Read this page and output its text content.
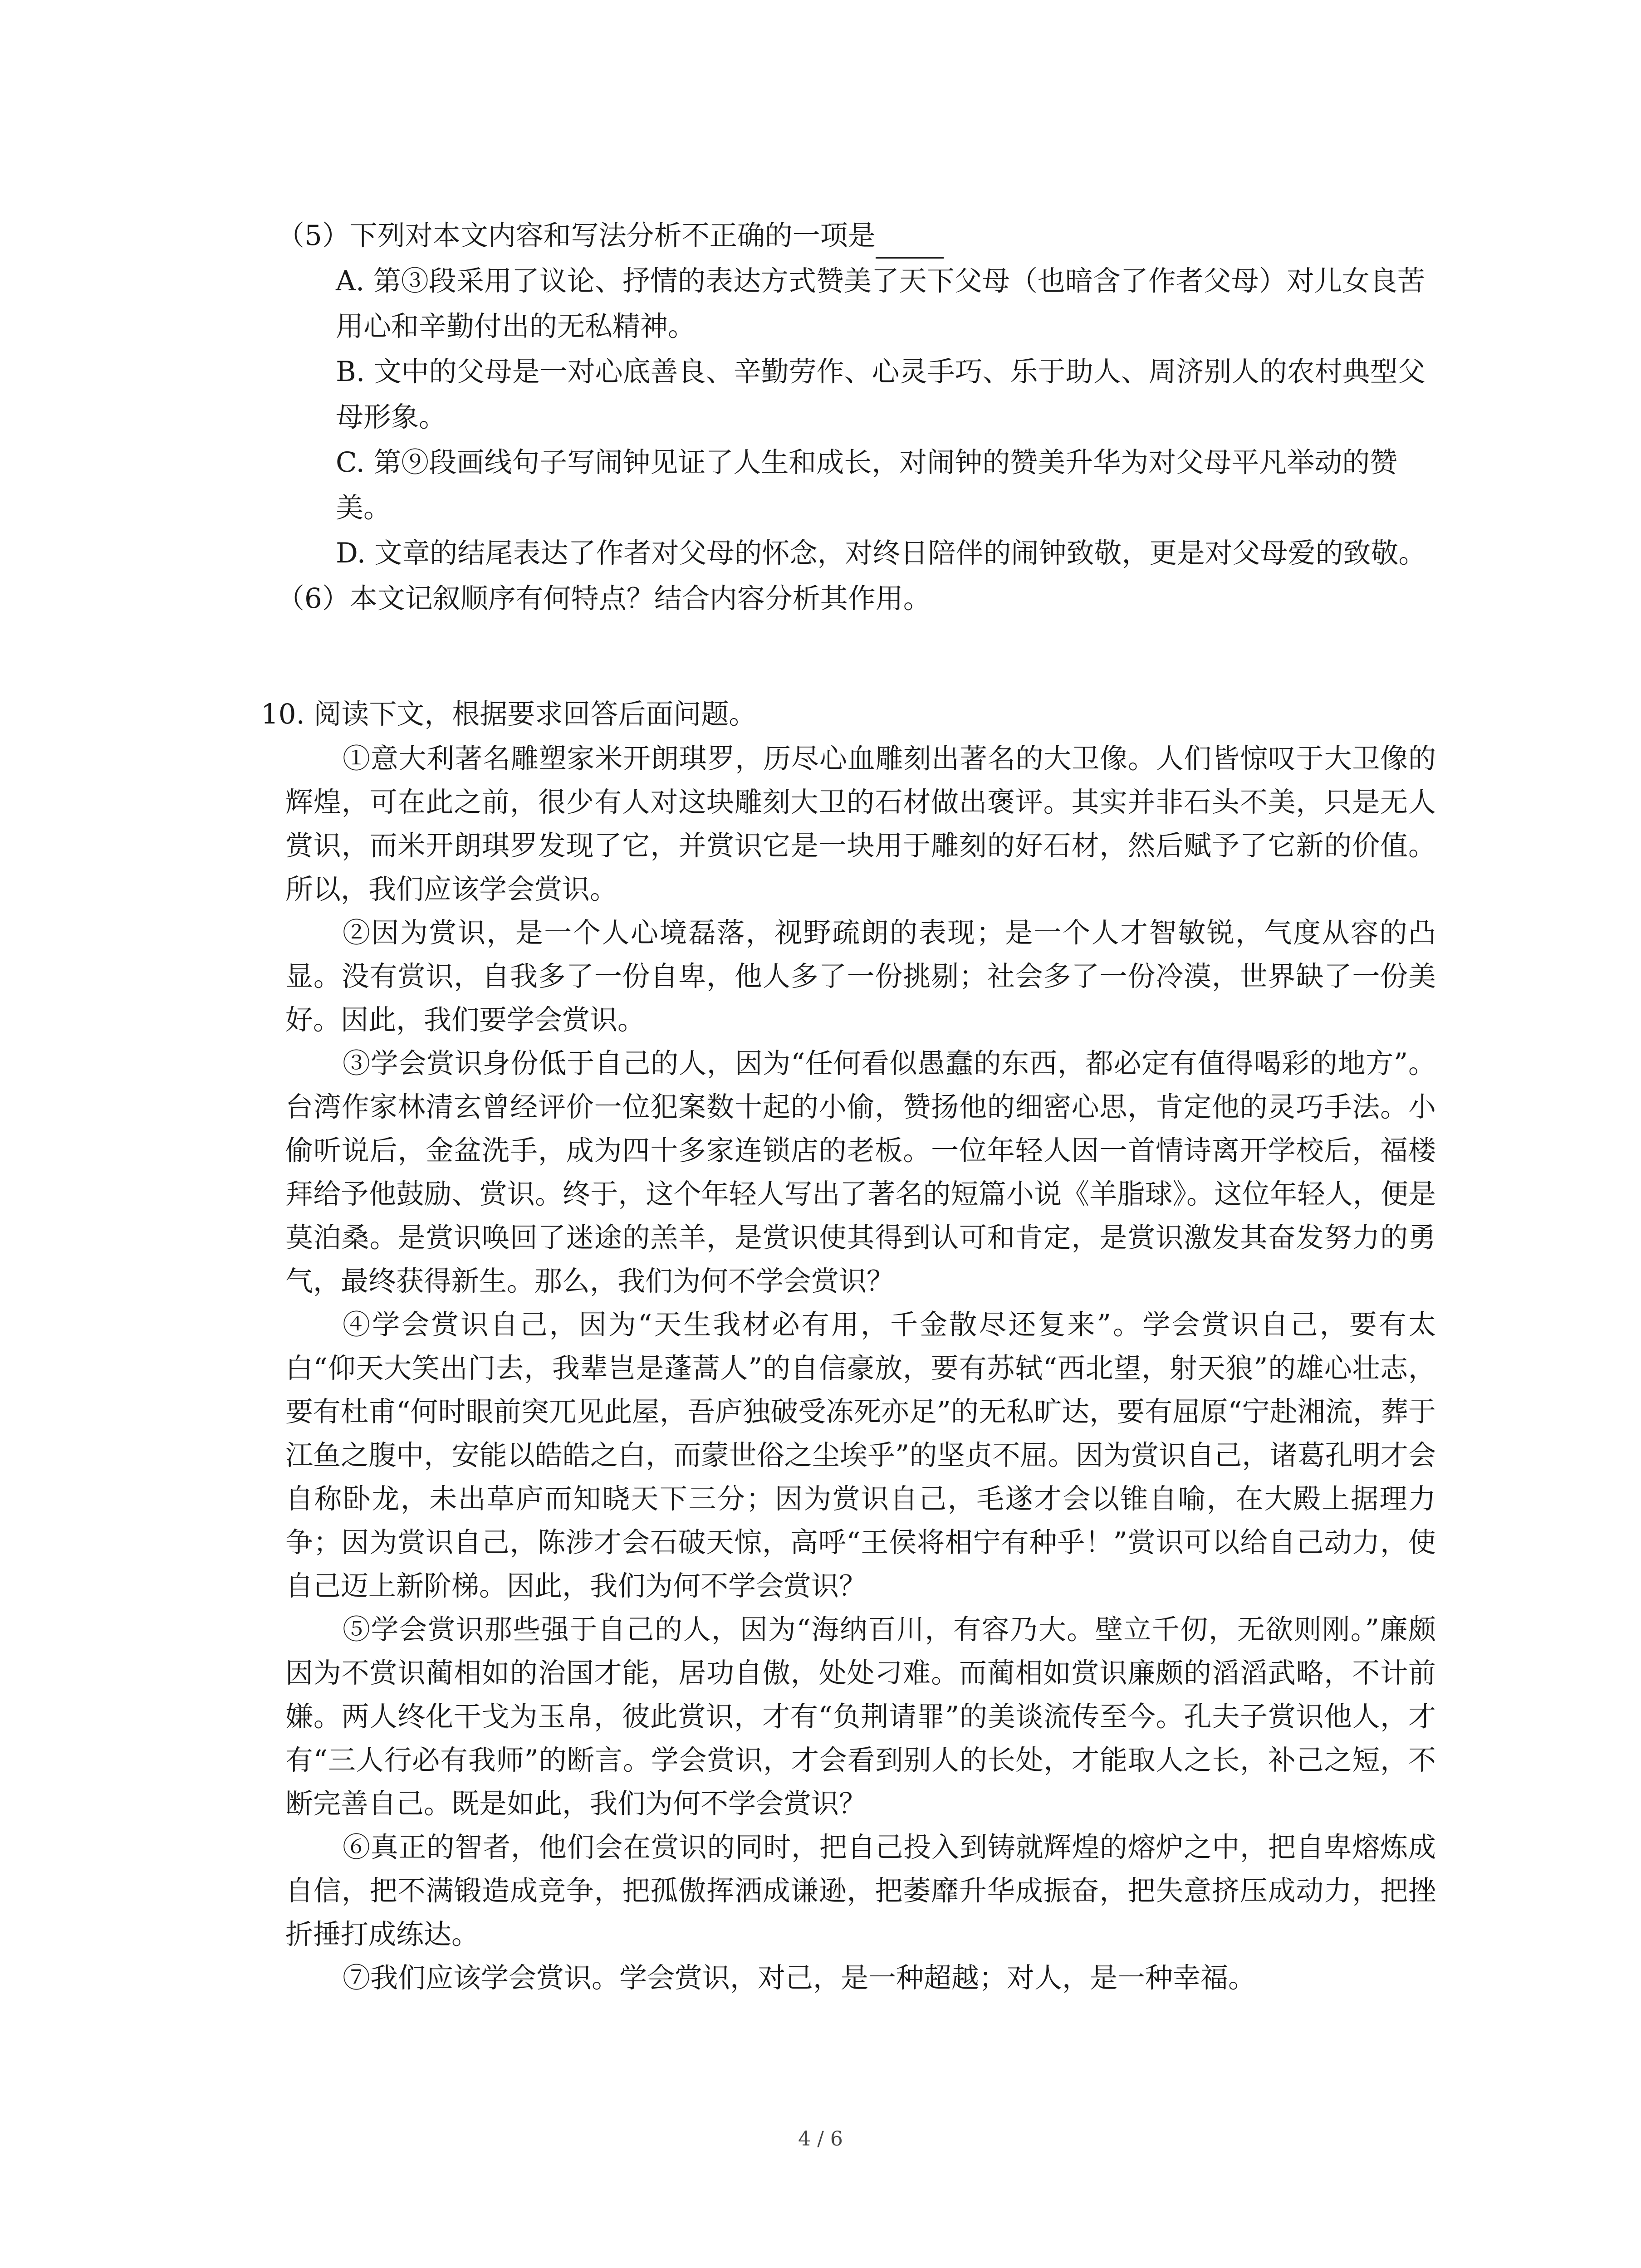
（5）下列对本文内容和写法分析不正确的一项是

A. 第③段采用了议论、抒情的表达方式赞美了天下父母（也暗含了作者父母）对儿女良苦用心和辛勤付出的无私精神。

B. 文中的父母是一对心底善良、辛勤劳作、心灵手巧、乐于助人、周济别人的农村典型父母形象。

C. 第⑨段画线句子写闹钟见证了人生和成长，对闹钟的赞美升华为对父母平凡举动的赞美。

D. 文章的结尾表达了作者对父母的怀念，对终日陪伴的闹钟致敬，更是对父母爱的致敬。

（6）本文记叙顺序有何特点？结合内容分析其作用。

10. 阅读下文，根据要求回答后面问题。

①意大利著名雕塑家米开朗琪罗，历尽心血雕刻出著名的大卫像。人们皆惊叹于大卫像的辉煌，可在此之前，很少有人对这块雕刻大卫的石材做出褒评。其实并非石头不美，只是无人赏识，而米开朗琪罗发现了它，并赏识它是一块用于雕刻的好石材，然后赋予了它新的价值。所以，我们应该学会赏识。

②因为赏识，是一个人心境磊落，视野疏朗的表现；是一个人才智敏锐，气度从容的凸显。没有赏识，自我多了一份自卑，他人多了一份挑剔；社会多了一份冷漠，世界缺了一份美好。因此，我们要学会赏识。

③学会赏识身份低于自己的人，因为“任何看似愚蠢的东西，都必定有值得喝彩的地方”。台湾作家林清玄曾经评价一位犯案数十起的小偷，赞扬他的细密心思，肯定他的灵巧手法。小偷听说后，金盆洗手，成为四十多家连锁店的老板。一位年轻人因一首情诗离开学校后，福楼拜给予他鼓励、赏识。终于，这个年轻人写出了著名的短篇小说《羊脂球》。这位年轻人，便是莫泊桑。是赏识唤回了迷途的羔羊，是赏识使其得到认可和肯定，是赏识激发其奋发努力的勇气，最终获得新生。那么，我们为何不学会赏识？

④学会赏识自己，因为“天生我材必有用，千金散尽还复来”。学会赏识自己，要有太白“仰天大笑出门去，我辈岂是蓬蒿人”的自信豪放，要有苏轼“西北望，射天狼”的雄心壮志，要有杜甫“何时眼前突兀见此屋，吾庐独破受冻死亦足”的无私旷达，要有屈原“宁赴湘流，葬于江鱼之腹中，安能以皓皓之白，而蒙世俗之尘埃乎”的坚贞不屈。因为赏识自己，诸葛孔明才会自称卧龙，未出草庐而知晓天下三分；因为赏识自己，毛遂才会以锥自喻，在大殿上据理力争；因为赏识自己，陈涉才会石破天惊，高呼“王侯将相宁有种乎！”赏识可以给自己动力，使自己迈上新阶梯。因此，我们为何不学会赏识？

⑤学会赏识那些强于自己的人，因为“海纳百川，有容乃大。壁立千仞，无欲则刚。”廉颇因为不赏识蔺相如的治国才能，居功自傲，处处刁难。而蔺相如赏识廉颇的滔滔武略，不计前嫌。两人终化干戈为玉帛，彼此赏识，才有“负荆请罪”的美谈流传至今。孔夫子赏识他人，才有“三人行必有我师”的断言。学会赏识，才会看到别人的长处，才能取人之长，补己之短，不断完善自己。既是如此，我们为何不学会赏识？

⑥真正的智者，他们会在赏识的同时，把自己投入到铸就辉煌的熔炉之中，把自卑熔炼成自信，把不满锻造成竞争，把孤傲挥洒成谦逊，把萎靡升华成振奋，把失意挤压成动力，把挫折捶打成练达。

⑦我们应该学会赏识。学会赏识，对己，是一种超越；对人，是一种幸福。

4 / 6
